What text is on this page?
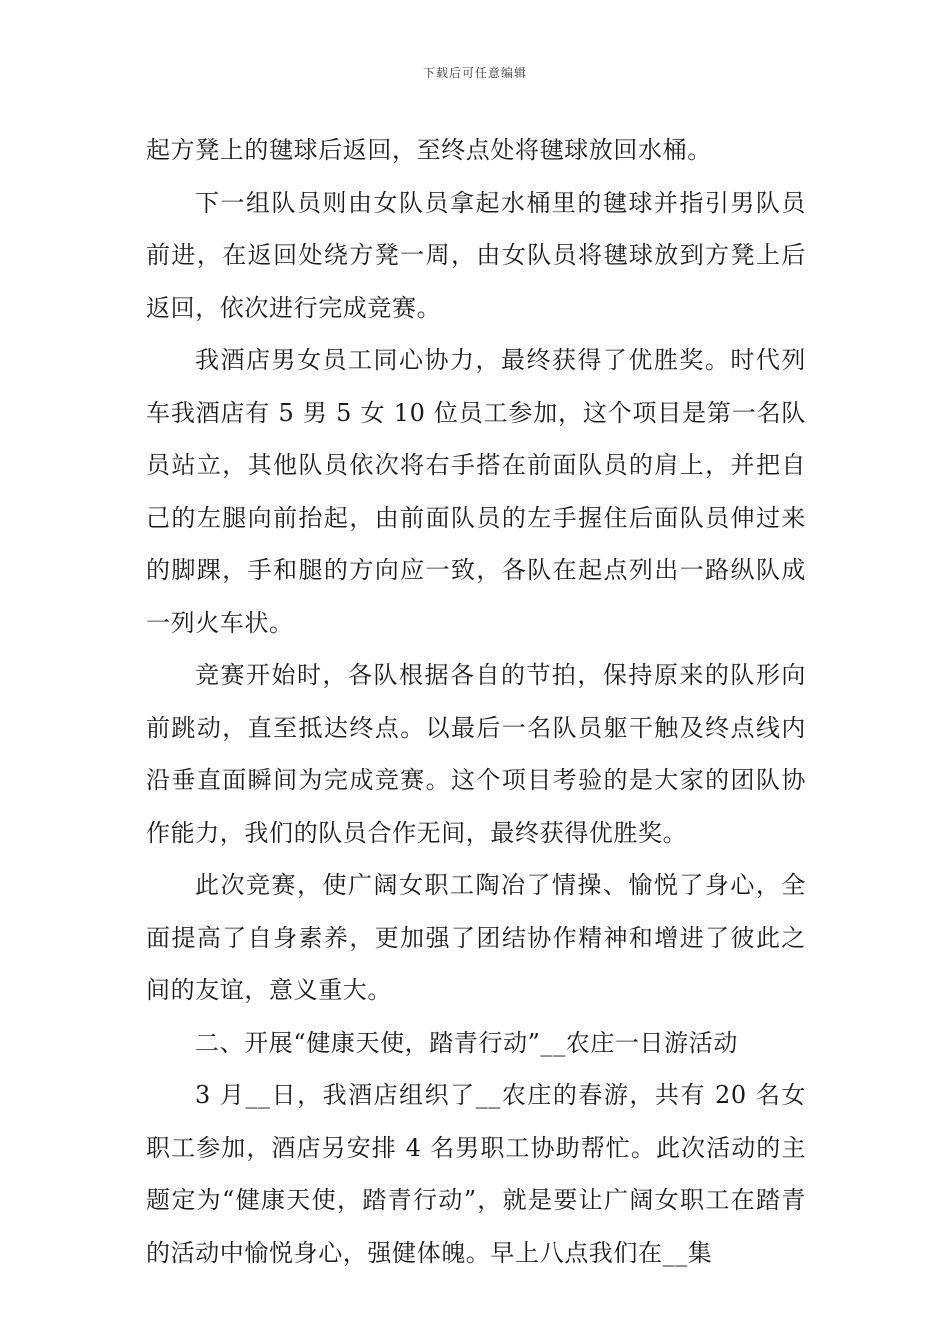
下载后可任意编辑

起方凳上的毽球后返回，至终点处将毽球放回水桶。

下一组队员则由女队员拿起水桶里的毽球并指引男队员前进，在返回处绕方凳一周，由女队员将毽球放到方凳上后返回，依次进行完成竞赛。

我酒店男女员工同心协力，最终获得了优胜奖。时代列车我酒店有 5 男 5 女 10 位员工参加，这个项目是第一名队员站立，其他队员依次将右手搭在前面队员的肩上，并把自己的左腿向前抬起，由前面队员的左手握住后面队员伸过来的脚踝，手和腿的方向应一致，各队在起点列出一路纵队成一列火车状。

竞赛开始时，各队根据各自的节拍，保持原来的队形向前跳动，直至抵达终点。以最后一名队员躯干触及终点线内沿垂直面瞬间为完成竞赛。这个项目考验的是大家的团队协作能力，我们的队员合作无间，最终获得优胜奖。

此次竞赛，使广阔女职工陶冶了情操、愉悦了身心，全面提高了自身素养，更加强了团结协作精神和增进了彼此之间的友谊，意义重大。

二、开展“健康天使，踏青行动”__农庄一日游活动

3 月__日，我酒店组织了__农庄的春游，共有 20 名女职工参加，酒店另安排 4 名男职工协助帮忙。此次活动的主题定为“健康天使，踏青行动”，就是要让广阔女职工在踏青的活动中愉悦身心，强健体魄。早上八点我们在__集
